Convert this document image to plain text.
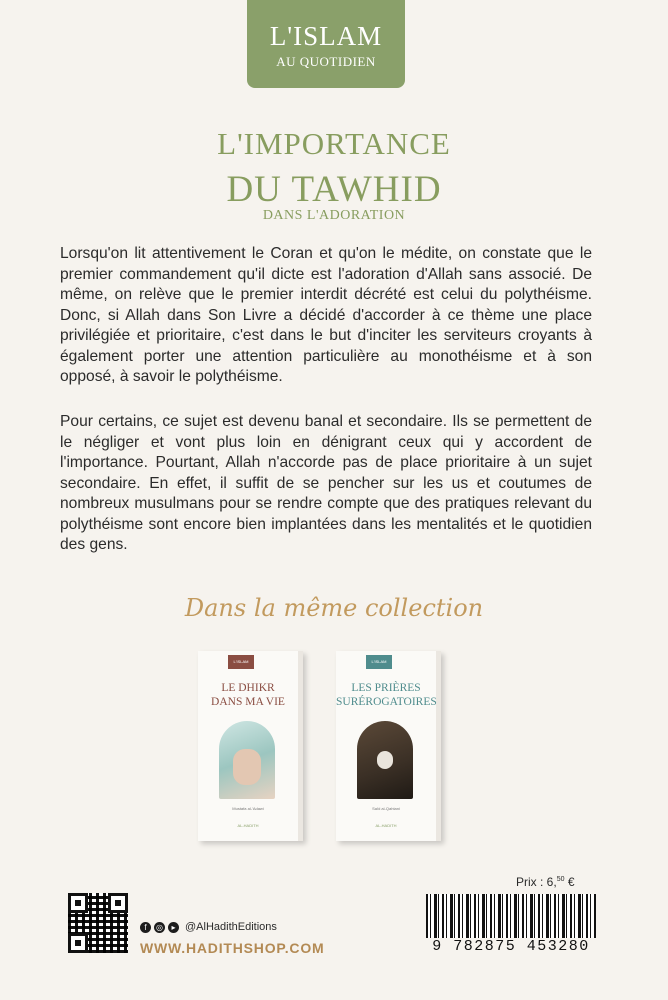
L'ISLAM
AU QUOTIDIEN
L'IMPORTANCE
DU TAWHID
DANS L'ADORATION
Lorsqu'on lit attentivement le Coran et qu'on le médite, on constate que le premier commandement qu'il dicte est l'adoration d'Allah sans associé. De même, on relève que le premier interdit décrété est celui du polythéisme. Donc, si Allah dans Son Livre a décidé d'accorder à ce thème une place privilégiée et prioritaire, c'est dans le but d'inciter les serviteurs croyants à également porter une attention particulière au monothéisme et à son opposé, à savoir le polythéisme.
Pour certains, ce sujet est devenu banal et secondaire. Ils se permettent de le négliger et vont plus loin en dénigrant ceux qui y accordent de l'importance. Pourtant, Allah n'accorde pas de place prioritaire à un sujet secondaire. En effet, il suffit de se pencher sur les us et coutumes de nombreux musulmans pour se rendre compte que des pratiques relevant du polythéisme sont encore bien implantées dans les mentalités et le quotidien des gens.
Dans la même collection
L'ISLAM
LE DHIKR
DANS MA VIE
Mustafa al-'Adawi
AL-HADITH
L'ISLAM
LES PRIÈRES
SURÉROGATOIRES
Saïd al-Qahtani
AL-HADITH
f	◎	▸ @AlHadithEditions
WWW.HADITHSHOP.COM
Prix : 6,50 €
9 782875 453280
